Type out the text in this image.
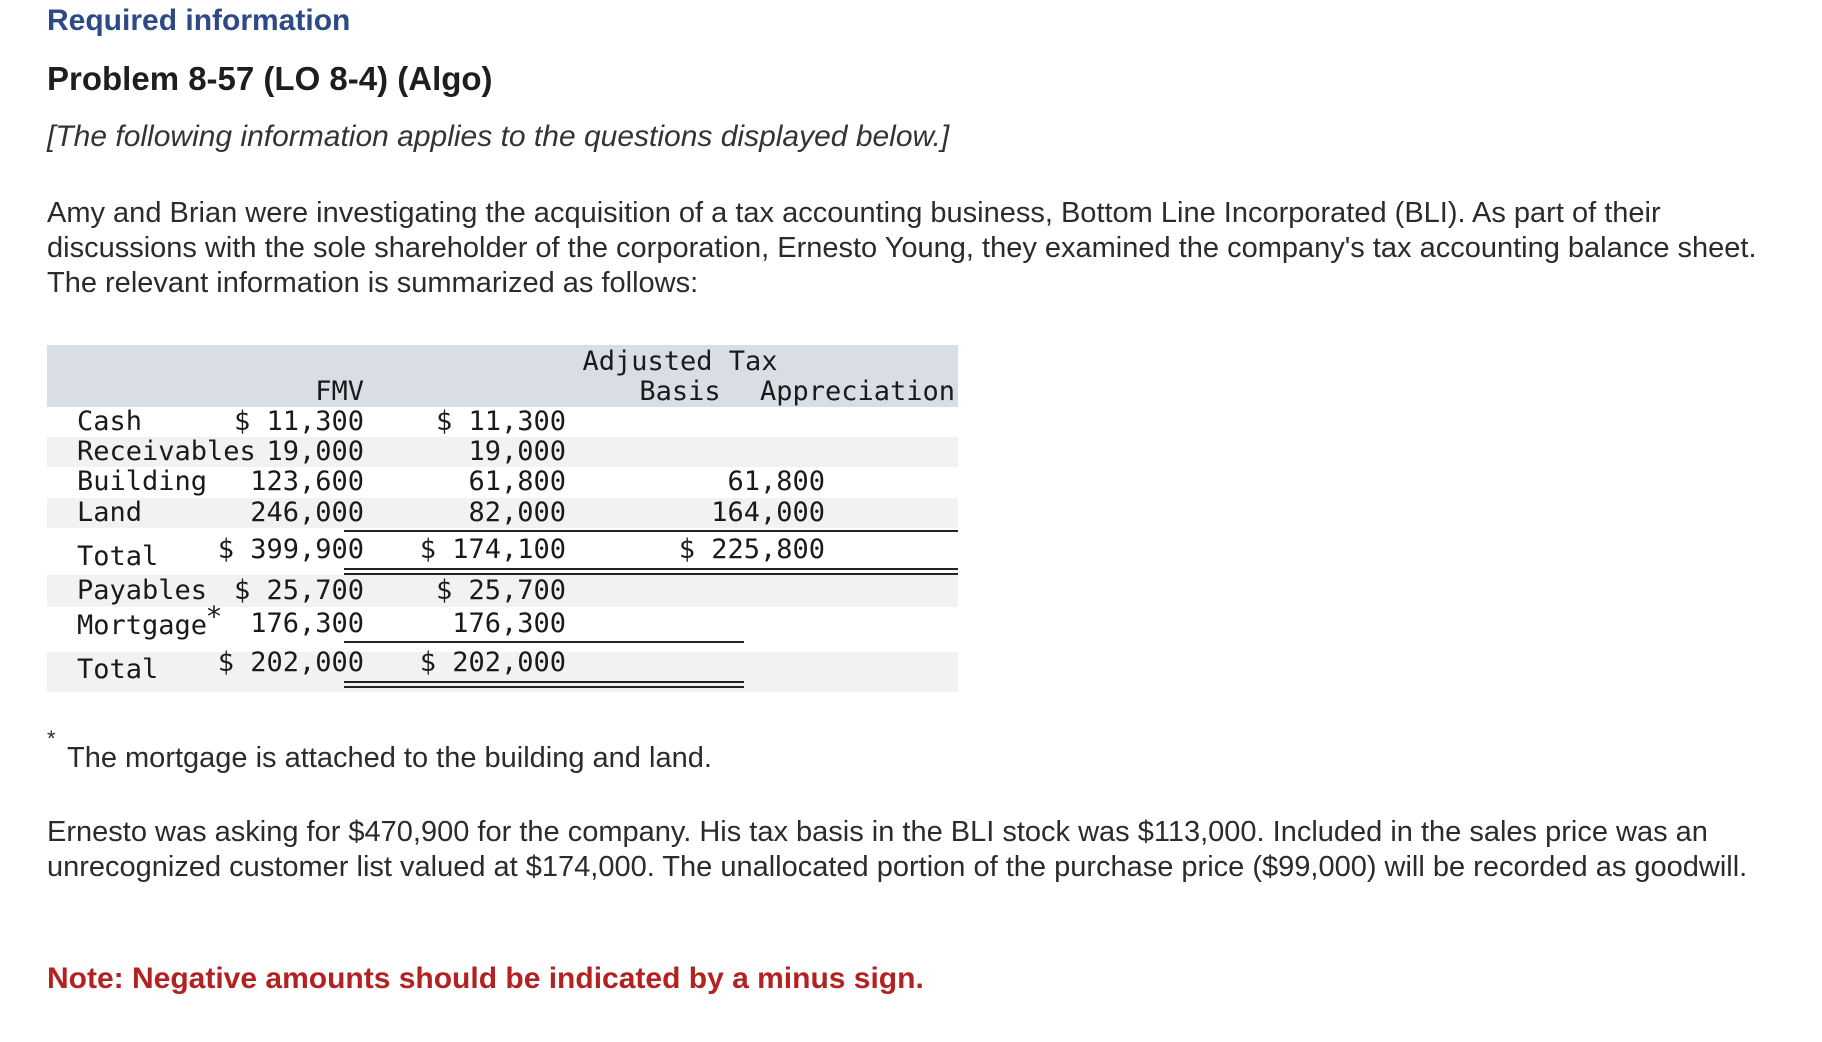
Required information
Problem 8-57 (LO 8-4) (Algo)
[The following information applies to the questions displayed below.]
Amy and Brian were investigating the acquisition of a tax accounting business, Bottom Line Incorporated (BLI). As part of their discussions with the sole shareholder of the corporation, Ernesto Young, they examined the company's tax accounting balance sheet. The relevant information is summarized as follows:
FMV
Adjusted Tax
Basis	Appreciation
Cash	$ 11,300	$ 11,300
Receivables 19,000	19,000
Building 123,600	61,800	61,800
Land	246,000	82,000	164,000
Total $ 399,900 $ 174,100	$ 225,800
Payables $ 25,700	$ 25,700
Mortgage* 176,300	176,300
Total $ 202,000 $ 202,000
*
The mortgage is attached to the building and land.
Ernesto was asking for $470,900 for the company. His tax basis in the BLI stock was $113,000. Included in the sales price was an unrecognized customer list valued at $174,000. The unallocated portion of the purchase price ($99,000) will be recorded as goodwill.
Note: Negative amounts should be indicated by a minus sign.
